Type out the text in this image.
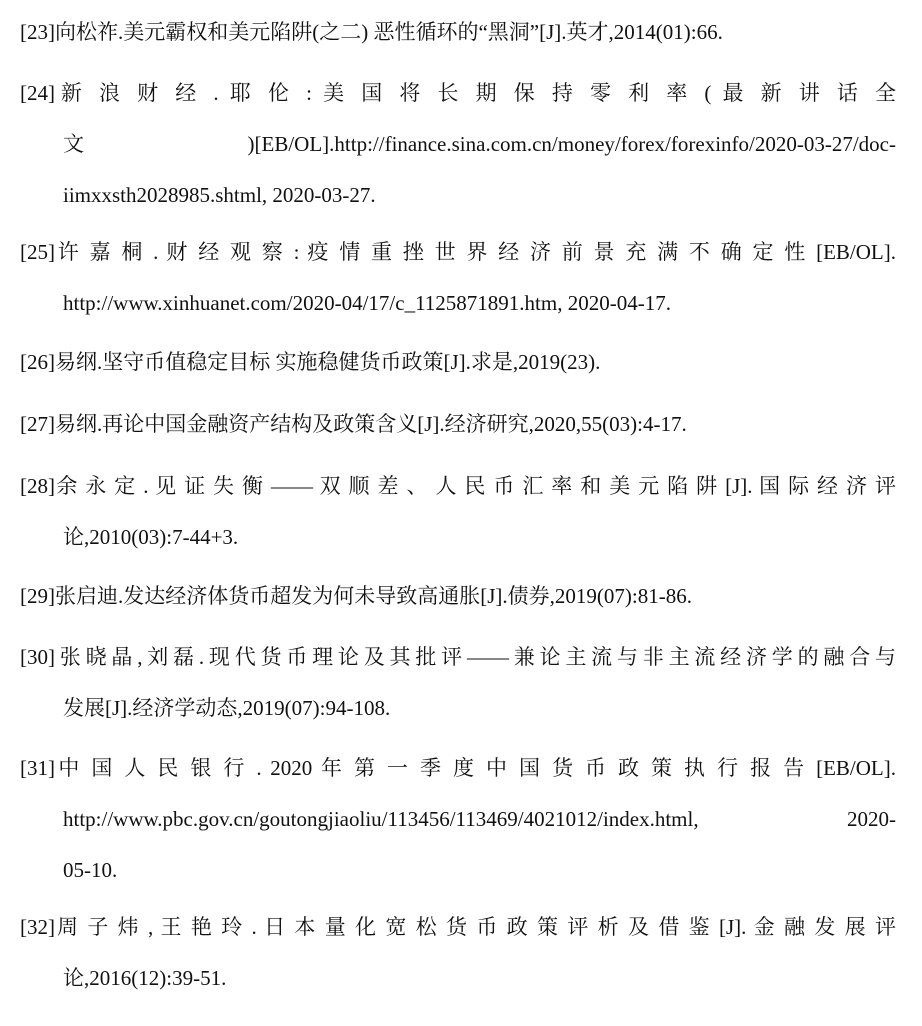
[23]向松祚.美元霸权和美元陷阱(之二) 恶性循环的“黑洞”[J].英才,2014(01):66.
[24]新 浪 财 经 . 耶 伦 : 美 国 将 长 期 保 持 零 利 率 ( 最 新 讲 话 全
文 )[EB/OL].http://finance.sina.com.cn/money/forex/forexinfo/2020-03-27/doc-
iimxxsth2028985.shtml, 2020-03-27.
[25]许 嘉 桐 . 财 经 观 察 : 疫 情 重 挫 世 界 经 济 前 景 充 满 不 确 定 性 [EB/OL].
http://www.xinhuanet.com/2020-04/17/c_1125871891.htm, 2020-04-17.
[26]易纲.坚守币值稳定目标 实施稳健货币政策[J].求是,2019(23).
[27]易纲.再论中国金融资产结构及政策含义[J].经济研究,2020,55(03):4-17.
[28]余 永 定 . 见 证 失 衡 —— 双 顺 差 、 人 民 币 汇 率 和 美 元 陷 阱 [J]. 国 际 经 济 评
论,2010(03):7-44+3.
[29]张启迪.发达经济体货币超发为何未导致高通胀[J].债券,2019(07):81-86.
[30]张晓晶,刘磊.现代货币理论及其批评——兼论主流与非主流经济学的融合与
发展[J].经济学动态,2019(07):94-108.
[31]中 国 人 民 银 行 . 2020 年 第 一 季 度 中 国 货 币 政 策 执 行 报 告 [EB/OL].
http://www.pbc.gov.cn/goutongjiaoliu/113456/113469/4021012/index.html, 2020-
05-10.
[32]周 子 炜 , 王 艳 玲 . 日 本 量 化 宽 松 货 币 政 策 评 析 及 借 鉴 [J]. 金 融 发 展 评
论,2016(12):39-51.
